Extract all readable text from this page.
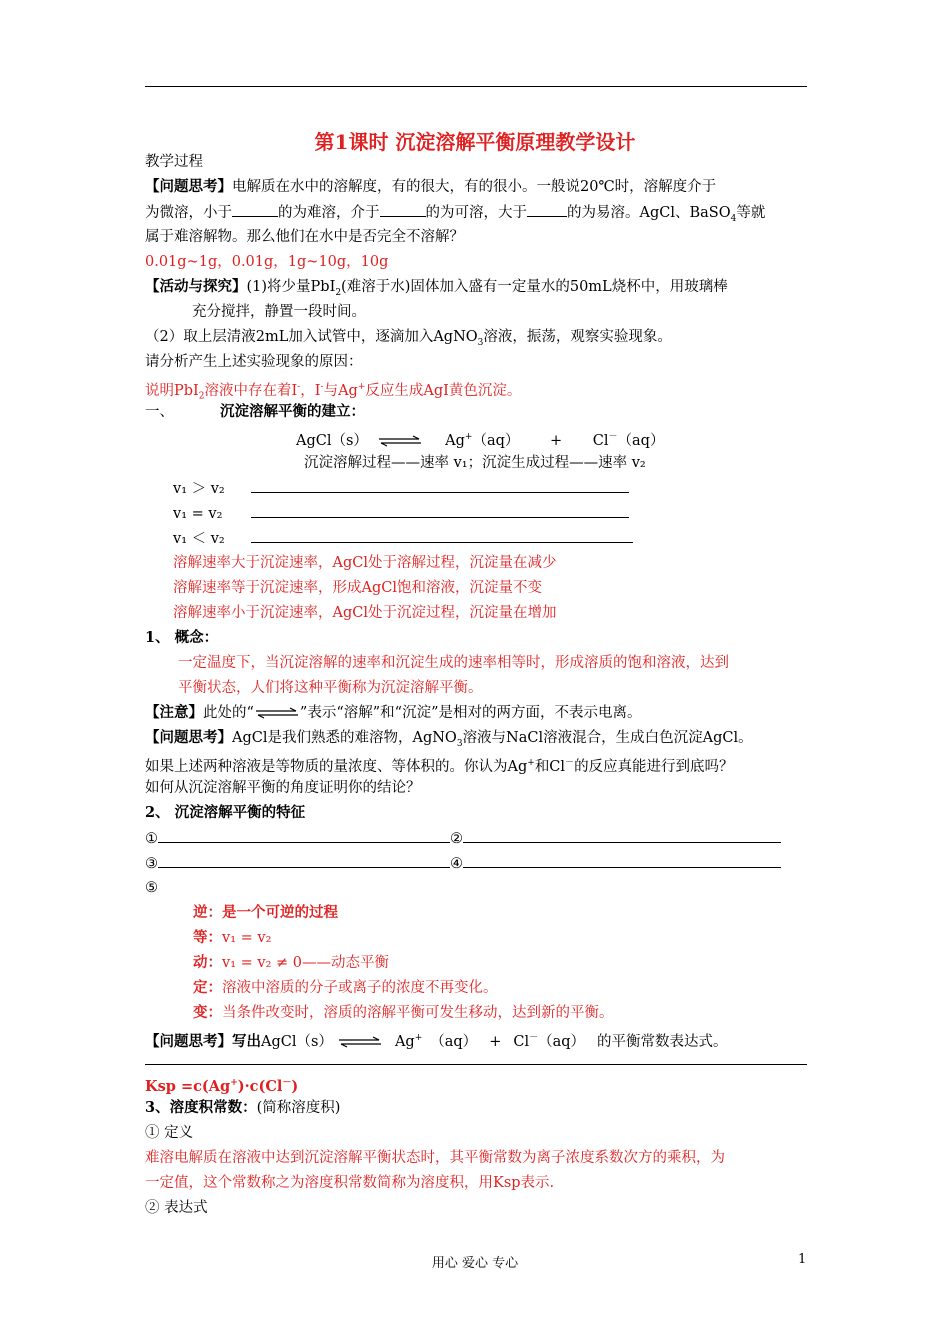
第1课时 沉淀溶解平衡原理教学设计
教学过程
【问题思考】电解质在水中的溶解度，有的很大，有的很小。一般说20℃时，溶解度介于
为微溶，小于	的为难溶，介于	的为可溶，大于	的为易溶。AgCl、BaSO$_4$等就
属于难溶解物。那么他们在水中是否完全不溶解？
0.01g~1g，0.01g，1g~10g，10g
【活动与探究】(1)将少量PbI$_2$(难溶于水)固体加入盛有一定量水的50mL烧杯中，用玻璃棒
充分搅拌，静置一段时间。
（2）取上层清液2mL加入试管中，逐滴加入AgNO$_3$溶液，振荡，观察实验现象。
请分析产生上述实验现象的原因：
说明PbI$_2$溶液中存在着I-，I-与Ag+反应生成AgI黄色沉淀。
一、	沉淀溶解平衡的建立：
AgCl（s） ⇌ Ag+（aq） + Cl－（aq）
沉淀溶解过程——速率 v₁；沉淀生成过程——速率 v₂
v₁ ＞ v₂
v₁ = v₂
v₁ ＜ v₂
溶解速率大于沉淀速率，AgCl处于溶解过程，沉淀量在减少
溶解速率等于沉淀速率，形成AgCl饱和溶液，沉淀量不变
溶解速率小于沉淀速率，AgCl处于沉淀过程，沉淀量在增加
1、 概念：
一定温度下，当沉淀溶解的速率和沉淀生成的速率相等时，形成溶质的饱和溶液，达到
平衡状态，人们将这种平衡称为沉淀溶解平衡。
【注意】此处的“ ⇌ ”表示“溶解”和“沉淀”是相对的两方面，不表示电离。
【问题思考】AgCl是我们熟悉的难溶物，AgNO$_3$溶液与NaCl溶液混合，生成白色沉淀AgCl。
如果上述两种溶液是等物质的量浓度、等体积的。你认为Ag+和Cl－的反应真能进行到底吗？
如何从沉淀溶解平衡的角度证明你的结论？
2、 沉淀溶解平衡的特征
①	②
③	④
⑤
逆：是一个可逆的过程
等：v₁ = v₂
动：v₁ = v₂ ≠ 0——动态平衡
定：溶液中溶质的分子或离子的浓度不再变化。
变：当条件改变时，溶质的溶解平衡可发生移动，达到新的平衡。
【问题思考】写出AgCl（s） ⇌ Ag+ （aq） + Cl－（aq） 的平衡常数表达式。
Ksp =c(Ag+)·c(Cl－)
3、溶度积常数：(简称溶度积)
① 定义
难溶电解质在溶液中达到沉淀溶解平衡状态时，其平衡常数为离子浓度系数次方的乘积，为
一定值，这个常数称之为溶度积常数简称为溶度积，用Ksp表示.
② 表达式
用心 爱心 专心	1
